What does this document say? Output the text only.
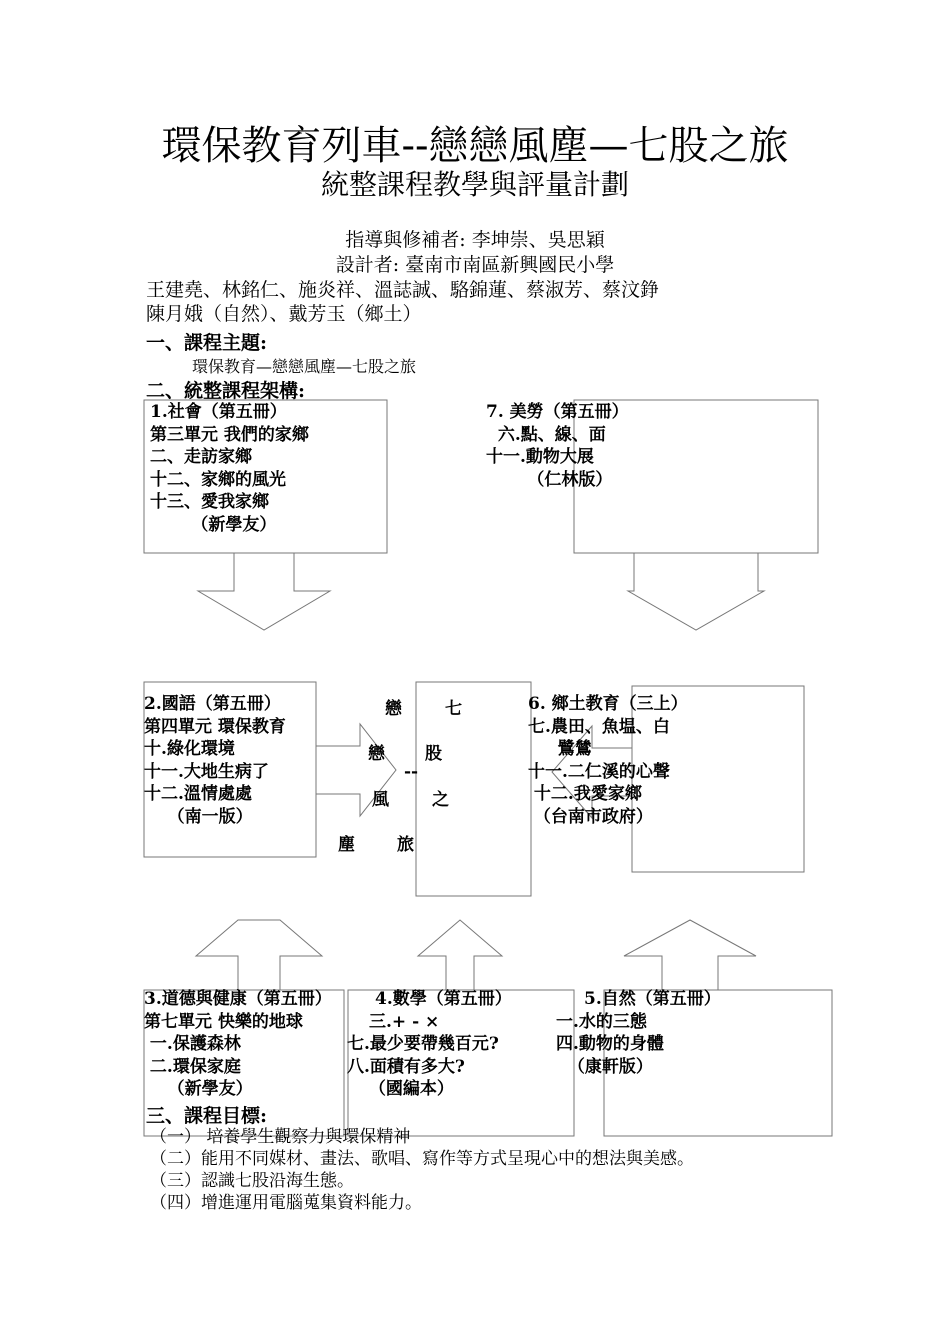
環保教育列車--戀戀風塵—七股之旅
統整課程教學與評量計劃
指導與修補者: 李坤崇、吳思穎
設計者: 臺南市南區新興國民小學
王建堯、林銘仁、施炎祥、溫誌誠、駱錦蓮、蔡淑芳、蔡汶錚
陳月娥（自然）、戴芳玉（鄉土）
一、課程主題:
環保教育—戀戀風塵—七股之旅
二、統整課程架構:
1.社會（第五冊）
第三單元 我們的家鄉
二、走訪家鄉
十二、家鄉的風光
十三、愛我家鄉
（新學友）
7. 美勞（第五冊）
六.點、線、面
十一.動物大展
（仁林版）
2.國語（第五冊）
第四單元 環保教育
十.綠化環境
十一.大地生病了
十二.溫情處處
（南一版）
6. 鄉土教育（三上）
七.農田、魚塭、白
鷺鷥
十一.二仁溪的心聲
十二.我愛家鄉
（台南市政府）
戀
戀
--
風
塵
七
股
之
旅
3.道德與健康（第五冊）
第七單元 快樂的地球
一.保護森林
二.環保家庭
（新學友）
4.數學（第五冊）
三.+ - ×
七.最少要帶幾百元?
八.面積有多大?
（國編本）
5.自然（第五冊）
一.水的三態
四.動物的身體
（康軒版）
三、課程目標:
（一） 培養學生觀察力與環保精神
（二）能用不同媒材、畫法、歌唱、寫作等方式呈現心中的想法與美感。
（三）認識七股沿海生態。
（四）增進運用電腦蒐集資料能力。
